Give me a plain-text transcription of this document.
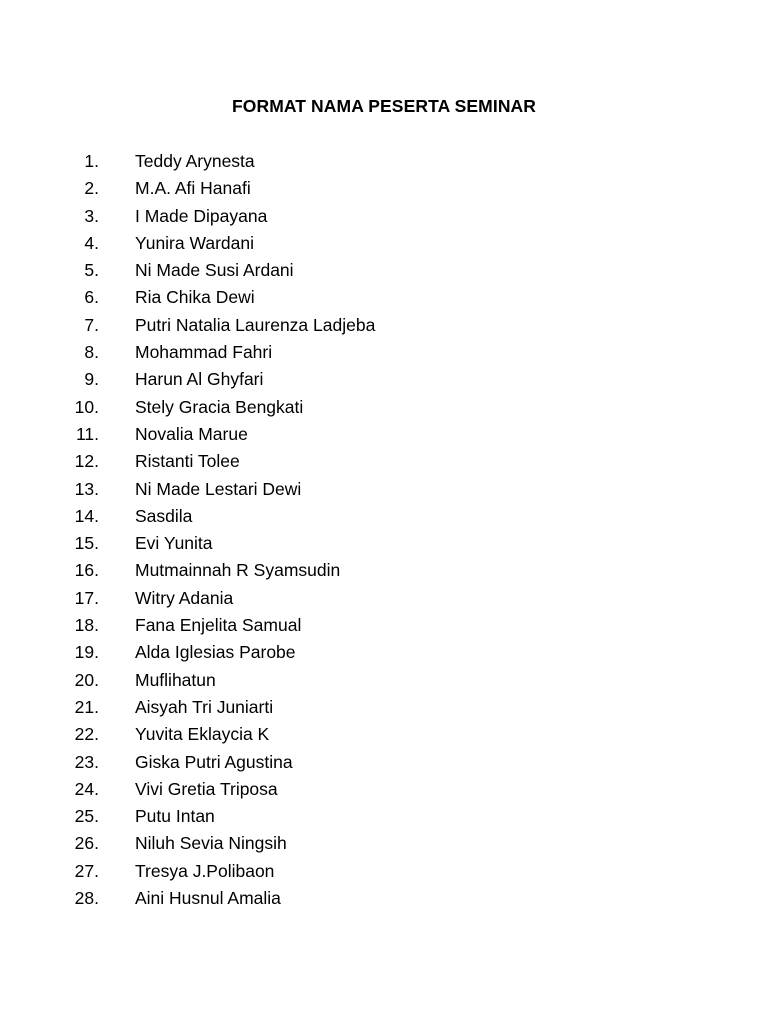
FORMAT NAMA PESERTA SEMINAR
1. Teddy Arynesta
2. M.A. Afi Hanafi
3. I Made Dipayana
4. Yunira Wardani
5. Ni Made Susi Ardani
6. Ria Chika Dewi
7. Putri Natalia Laurenza Ladjeba
8. Mohammad Fahri
9. Harun Al Ghyfari
10. Stely Gracia Bengkati
11. Novalia Marue
12. Ristanti Tolee
13. Ni Made Lestari Dewi
14. Sasdila
15. Evi Yunita
16. Mutmainnah R Syamsudin
17. Witry Adania
18. Fana Enjelita Samual
19. Alda Iglesias Parobe
20. Muflihatun
21. Aisyah Tri Juniarti
22. Yuvita Eklaycia K
23. Giska Putri Agustina
24. Vivi Gretia Triposa
25. Putu Intan
26. Niluh Sevia Ningsih
27. Tresya J.Polibaon
28. Aini Husnul Amalia
